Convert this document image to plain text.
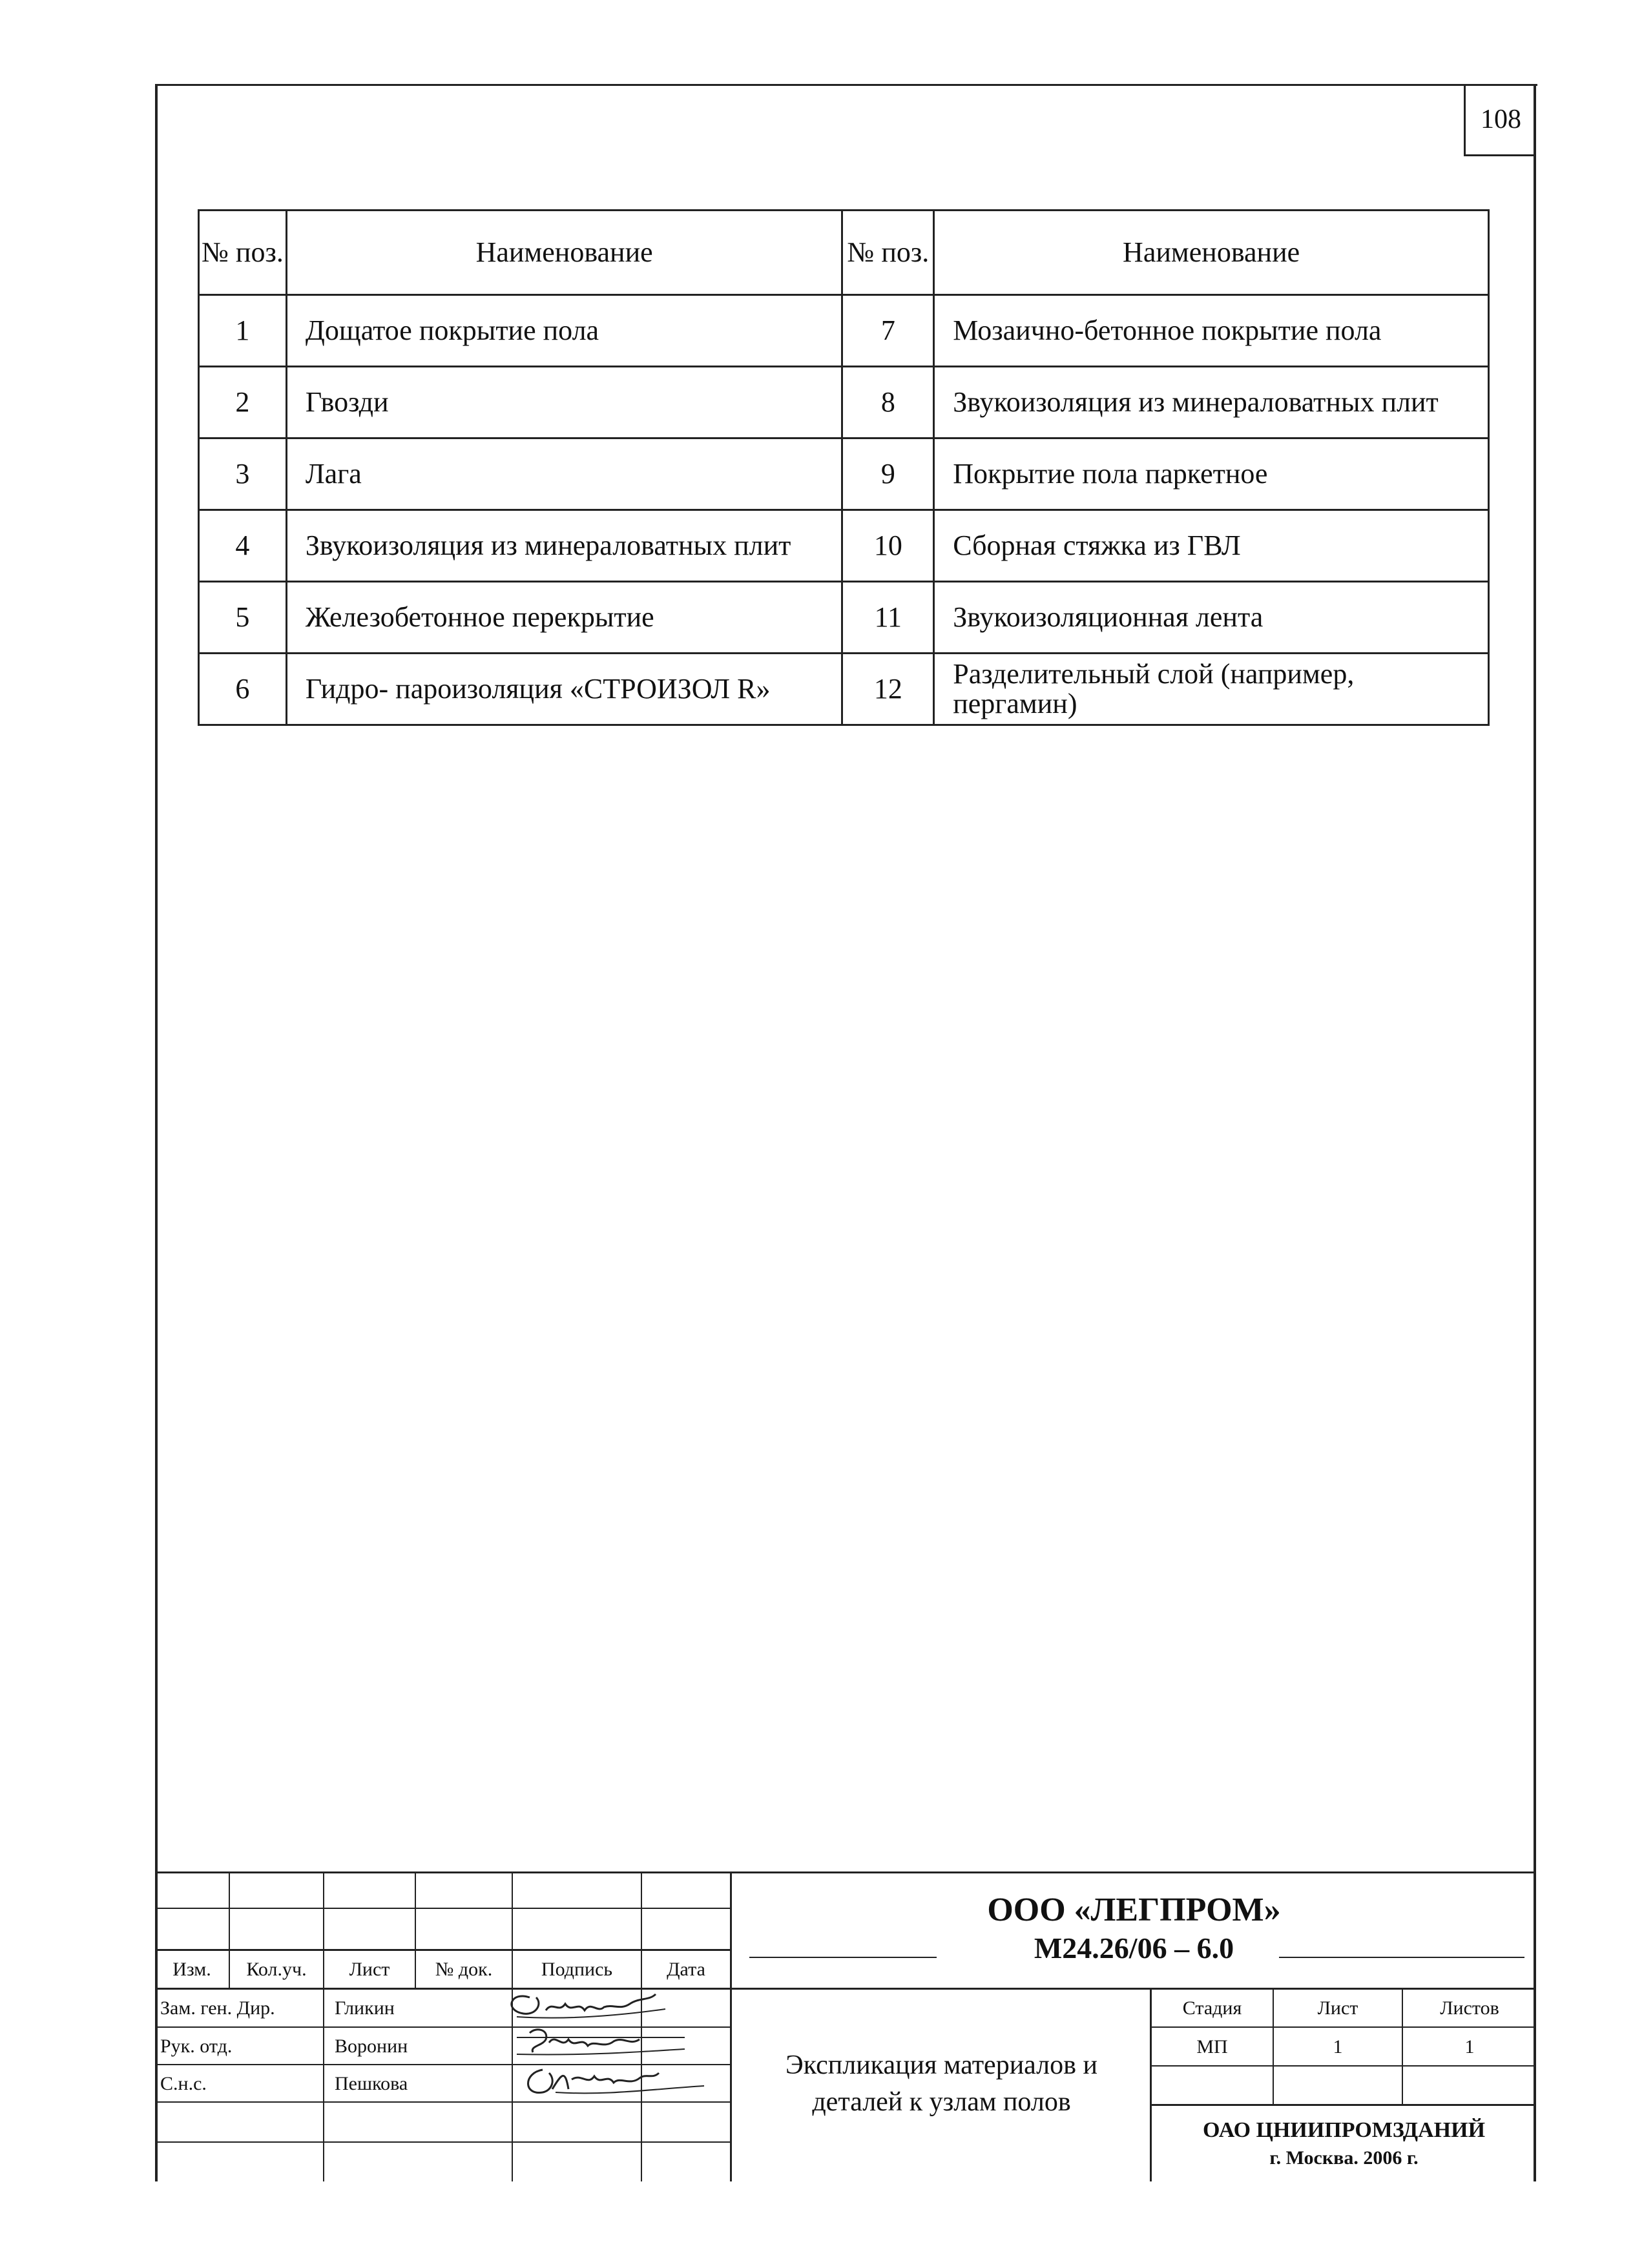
108
№ поз.	Наименование	№ поз.	Наименование
1	Дощатое покрытие пола	7	Мозаично-бетонное покрытие пола
2	Гвозди	8	Звукоизоляция из минераловатных плит
3	Лага	9	Покрытие пола паркетное
4	Звукоизоляция из минераловатных плит	10	Сборная стяжка из ГВЛ
5	Железобетонное перекрытие	11	Звукоизоляционная лента
6	Гидро- пароизоляция «СТРОИЗОЛ R»	12	Разделительный слой (например, пергамин)
Изм.	Кол.уч.	Лист	№ док.	Подпись	Дата
Зам. ген. Дир.	Гликин
Рук. отд.	Воронин
С.н.с.	Пешкова
ООО «ЛЕГПРОМ»
М24.26/06 – 6.0
Экспликация материалов и деталей к узлам полов
Стадия	Лист	Листов
МП	1	1
ОАО ЦНИИПРОМЗДАНИЙ
г. Москва. 2006 г.
